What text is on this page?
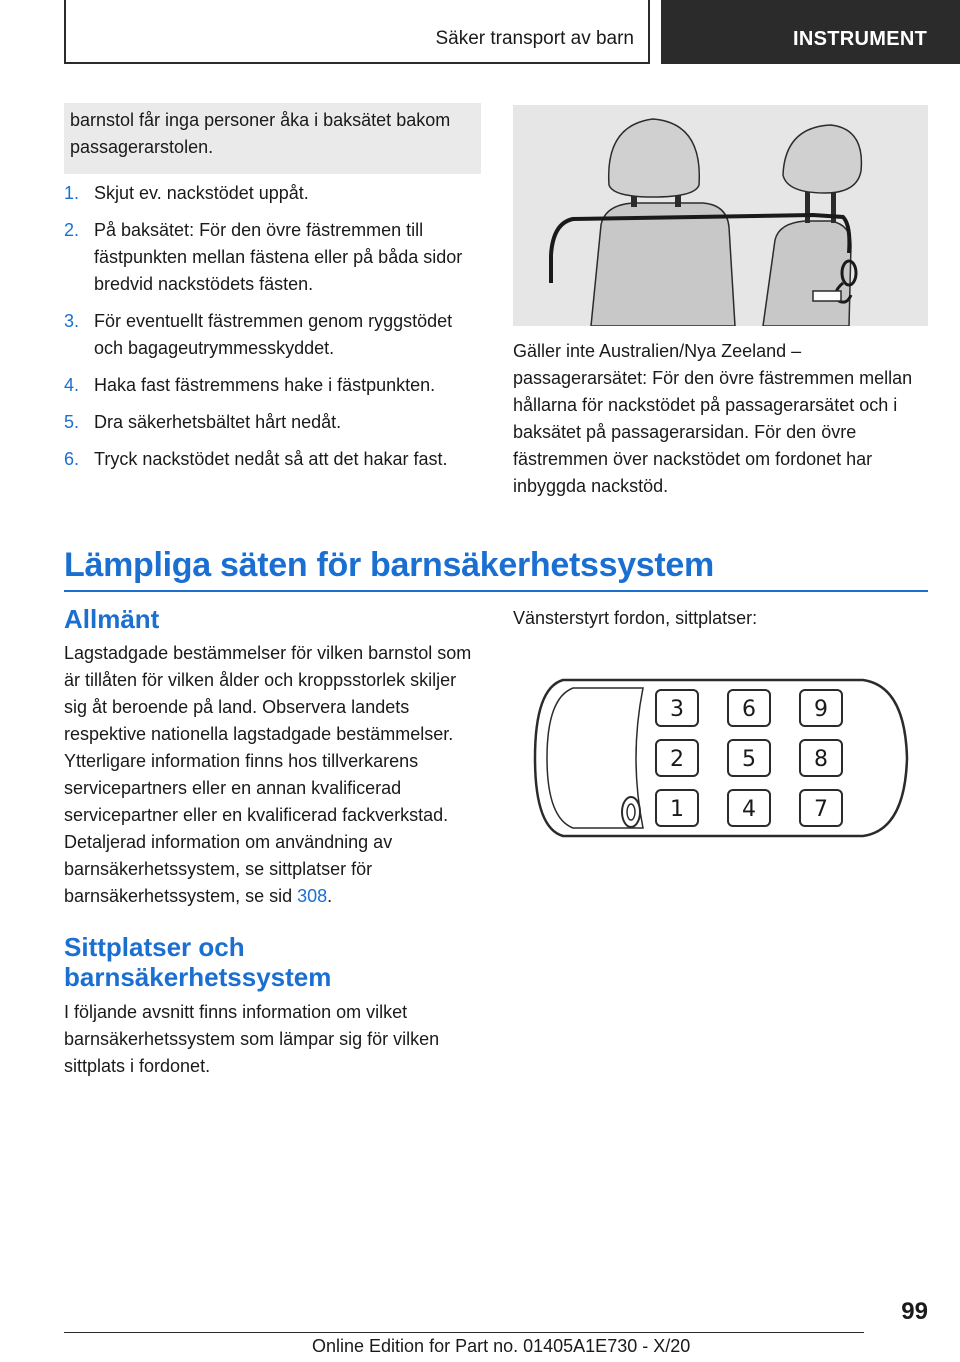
Säker transport av barn	INSTRUMENT
barnstol får inga personer åka i baksätet bakom passagerarstolen.
1. Skjut ev. nackstödet uppåt.
2. På baksätet: För den övre fästremmen till fästpunkten mellan fästena eller på båda sidor bredvid nackstödets fästen.
3. För eventuellt fästremmen genom ryggstödet och bagageutrymmesskyddet.
4. Haka fast fästremmens hake i fästpunkten.
5. Dra säkerhetsbältet hårt nedåt.
6. Tryck nackstödet nedåt så att det hakar fast.
Gäller inte Australien/Nya Zeeland – passagerarsätet: För den övre fästremmen mellan hållarna för nackstödet på passagerarsätet och i baksätet på passagerarsidan. För den övre fästremmen över nackstödet om fordonet har inbyggda nackstöd.
Lämpliga säten för barnsäkerhetssystem
Allmänt
Lagstadgade bestämmelser för vilken barnstol som är tillåten för vilken ålder och kroppsstorlek skiljer sig åt beroende på land. Observera landets respektive nationella lagstadgade bestämmelser.
Ytterligare information finns hos tillverkarens servicepartners eller en annan kvalificerad servicepartner eller en kvalificerad fackverkstad.
Detaljerad information om användning av barnsäkerhetssystem, se sittplatser för barnsäkerhetssystem, se sid 308.
Sittplatser och barnsäkerhetssystem
I följande avsnitt finns information om vilket barnsäkerhetssystem som lämpar sig för vilken sittplats i fordonet.
Vänsterstyrt fordon, sittplatser:
3	6	9
2	5	8
1	4	7
99
Online Edition for Part no. 01405A1E730 - X/20
